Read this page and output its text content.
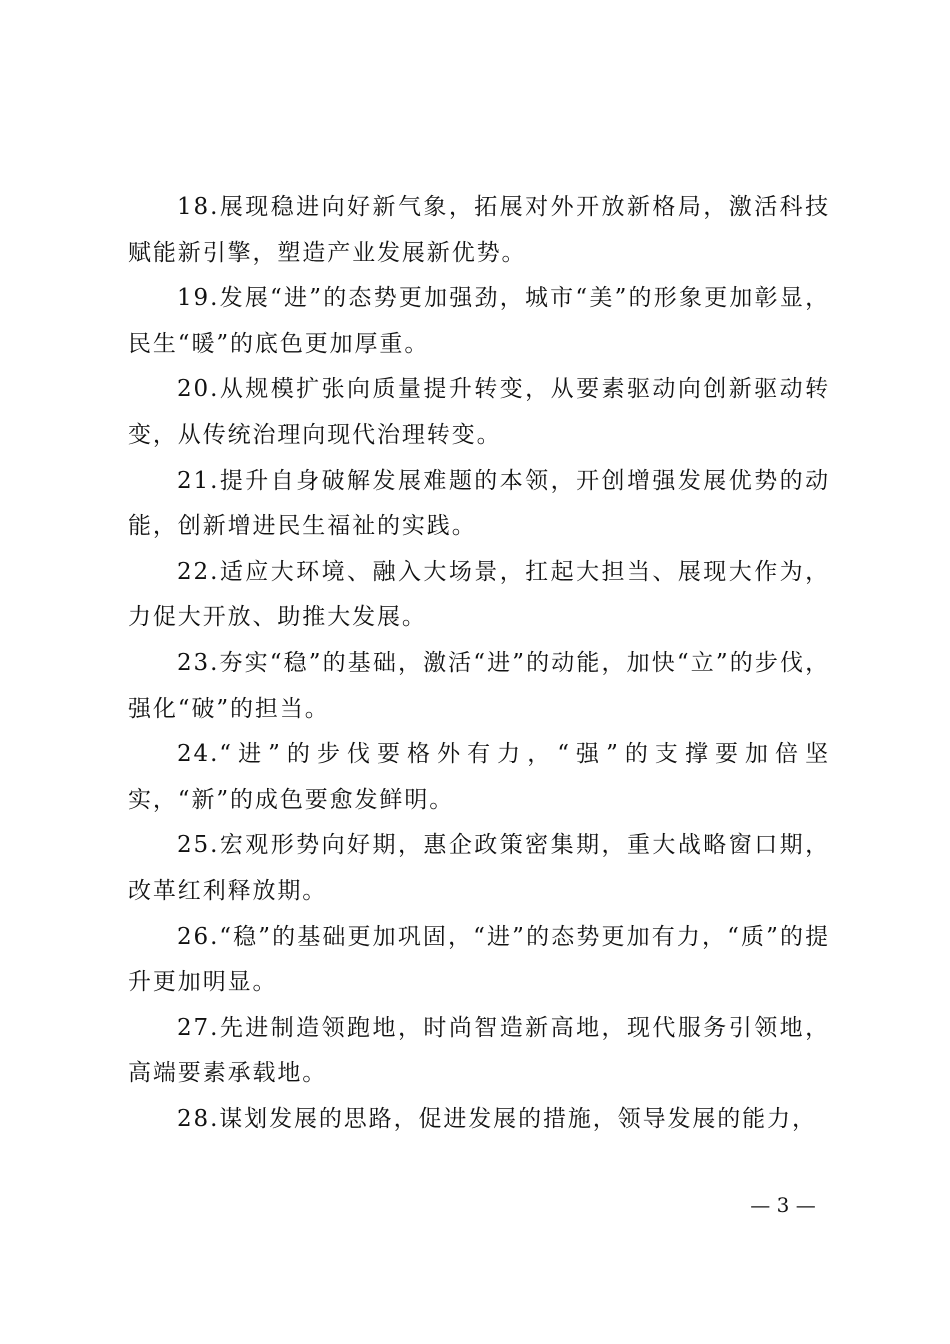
18.展现稳进向好新气象，拓展对外开放新格局，激活科技赋能新引擎，塑造产业发展新优势。

19.发展“进”的态势更加强劲，城市“美”的形象更加彰显，民生“暖”的底色更加厚重。

20.从规模扩张向质量提升转变，从要素驱动向创新驱动转变，从传统治理向现代治理转变。

21.提升自身破解发展难题的本领，开创增强发展优势的动能，创新增进民生福祉的实践。

22.适应大环境、融入大场景，扛起大担当、展现大作为，力促大开放、助推大发展。

23.夯实“稳”的基础，激活“进”的动能，加快“立”的步伐，强化“破”的担当。

24.“进”的步伐要格外有力，“强”的支撑要加倍坚实，“新”的成色要愈发鲜明。

25.宏观形势向好期，惠企政策密集期，重大战略窗口期，改革红利释放期。

26.“稳”的基础更加巩固，“进”的态势更加有力，“质”的提升更加明显。

27.先进制造领跑地，时尚智造新高地，现代服务引领地，高端要素承载地。

28.谋划发展的思路，促进发展的措施，领导发展的能力，

— 3 —
